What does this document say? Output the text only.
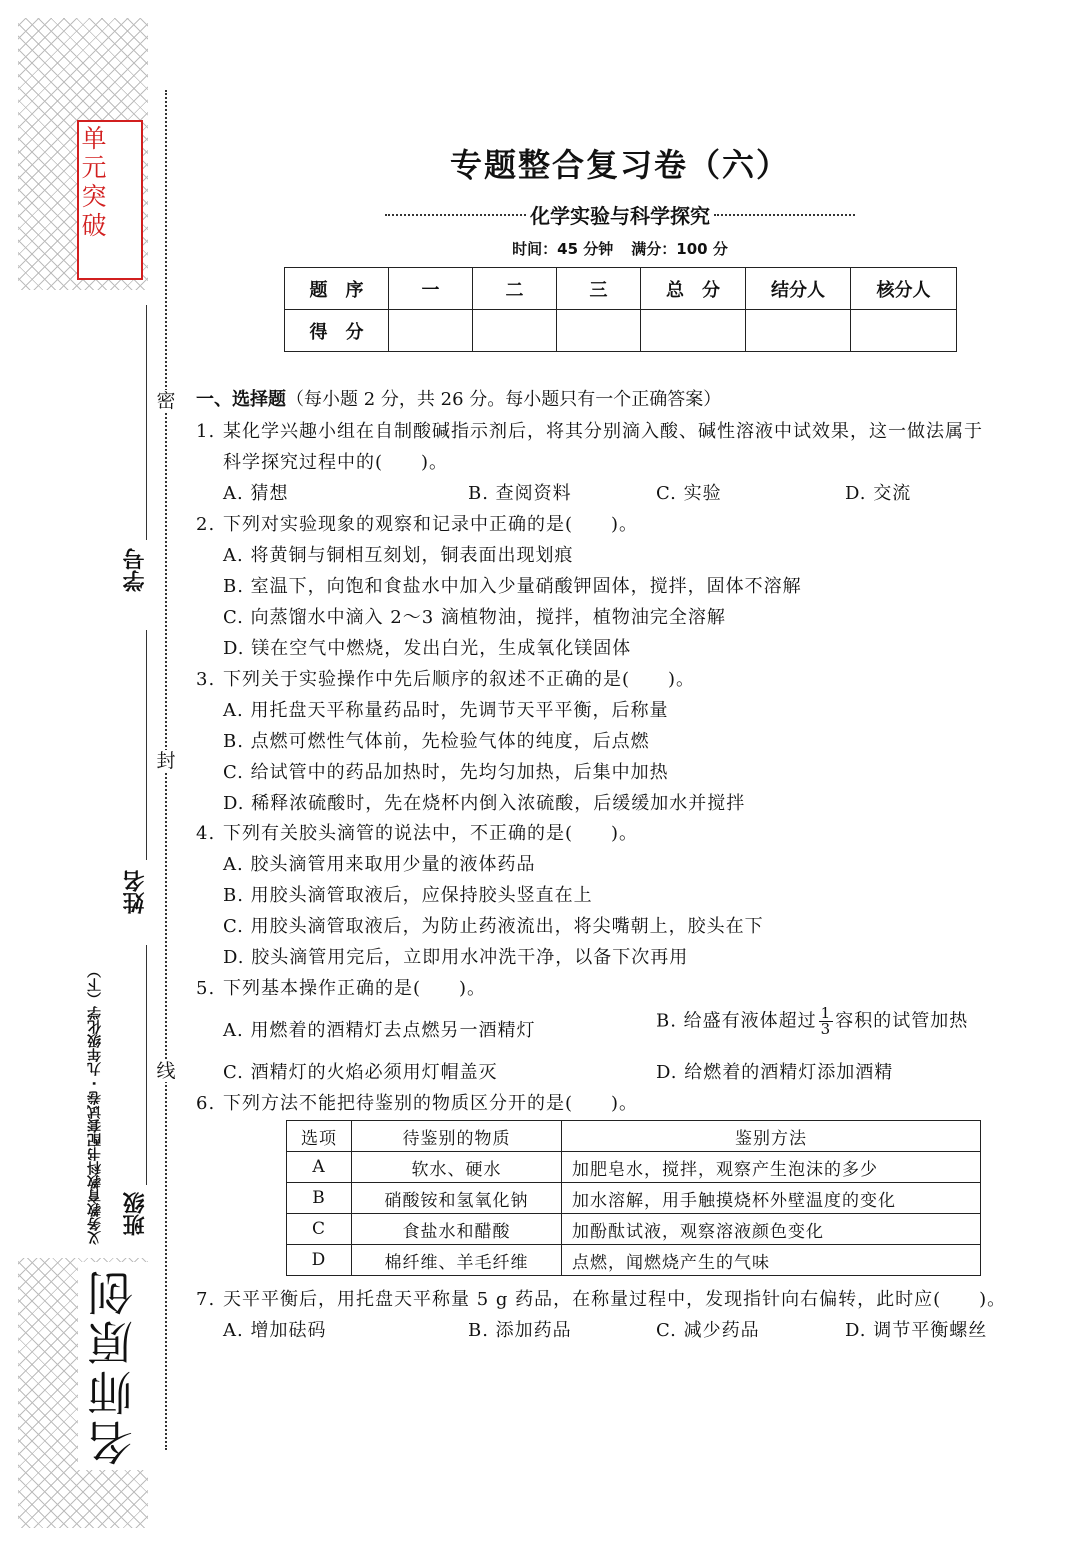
单元突破
密
封
线
学号
姓名
班级
义务教育教科书配套试卷 · 九年级化学（下）
名师原创
专题整合复习卷（六）
化学实验与科学探究
时间：45 分钟 满分：100 分
题　序	一	二	三	总　分	结分人	核分人
得　分						
一、选择题（每小题 2 分，共 26 分。每小题只有一个正确答案）
1. 某化学兴趣小组在自制酸碱指示剂后，将其分别滴入酸、碱性溶液中试效果，这一做法属于
科学探究过程中的(　　)。
A. 猜想	B. 查阅资料	C. 实验	D. 交流
2. 下列对实验现象的观察和记录中正确的是(　　)。
A. 将黄铜与铜相互刻划，铜表面出现划痕
B. 室温下，向饱和食盐水中加入少量硝酸钾固体，搅拌，固体不溶解
C. 向蒸馏水中滴入 2～3 滴植物油，搅拌，植物油完全溶解
D. 镁在空气中燃烧，发出白光，生成氧化镁固体
3. 下列关于实验操作中先后顺序的叙述不正确的是(　　)。
A. 用托盘天平称量药品时，先调节天平平衡，后称量
B. 点燃可燃性气体前，先检验气体的纯度，后点燃
C. 给试管中的药品加热时，先均匀加热，后集中加热
D. 稀释浓硫酸时，先在烧杯内倒入浓硫酸，后缓缓加水并搅拌
4. 下列有关胶头滴管的说法中，不正确的是(　　)。
A. 胶头滴管用来取用少量的液体药品
B. 用胶头滴管取液后，应保持胶头竖直在上
C. 用胶头滴管取液后，为防止药液流出，将尖嘴朝上，胶头在下
D. 胶头滴管用完后，立即用水冲洗干净，以备下次再用
5. 下列基本操作正确的是(　　)。
A. 用燃着的酒精灯去点燃另一酒精灯	B. 给盛有液体超过 $\frac{1}{3}$ 容积的试管加热
C. 酒精灯的火焰必须用灯帽盖灭	D. 给燃着的酒精灯添加酒精
6. 下列方法不能把待鉴别的物质区分开的是(　　)。
选项	待鉴别的物质	鉴别方法
A	软水、硬水	加肥皂水，搅拌，观察产生泡沫的多少
B	硝酸铵和氢氧化钠	加水溶解，用手触摸烧杯外壁温度的变化
C	食盐水和醋酸	加酚酞试液，观察溶液颜色变化
D	棉纤维、羊毛纤维	点燃，闻燃烧产生的气味
7. 天平平衡后，用托盘天平称量 5 g 药品，在称量过程中，发现指针向右偏转，此时应(　　)。
A. 增加砝码	B. 添加药品	C. 减少药品	D. 调节平衡螺丝
